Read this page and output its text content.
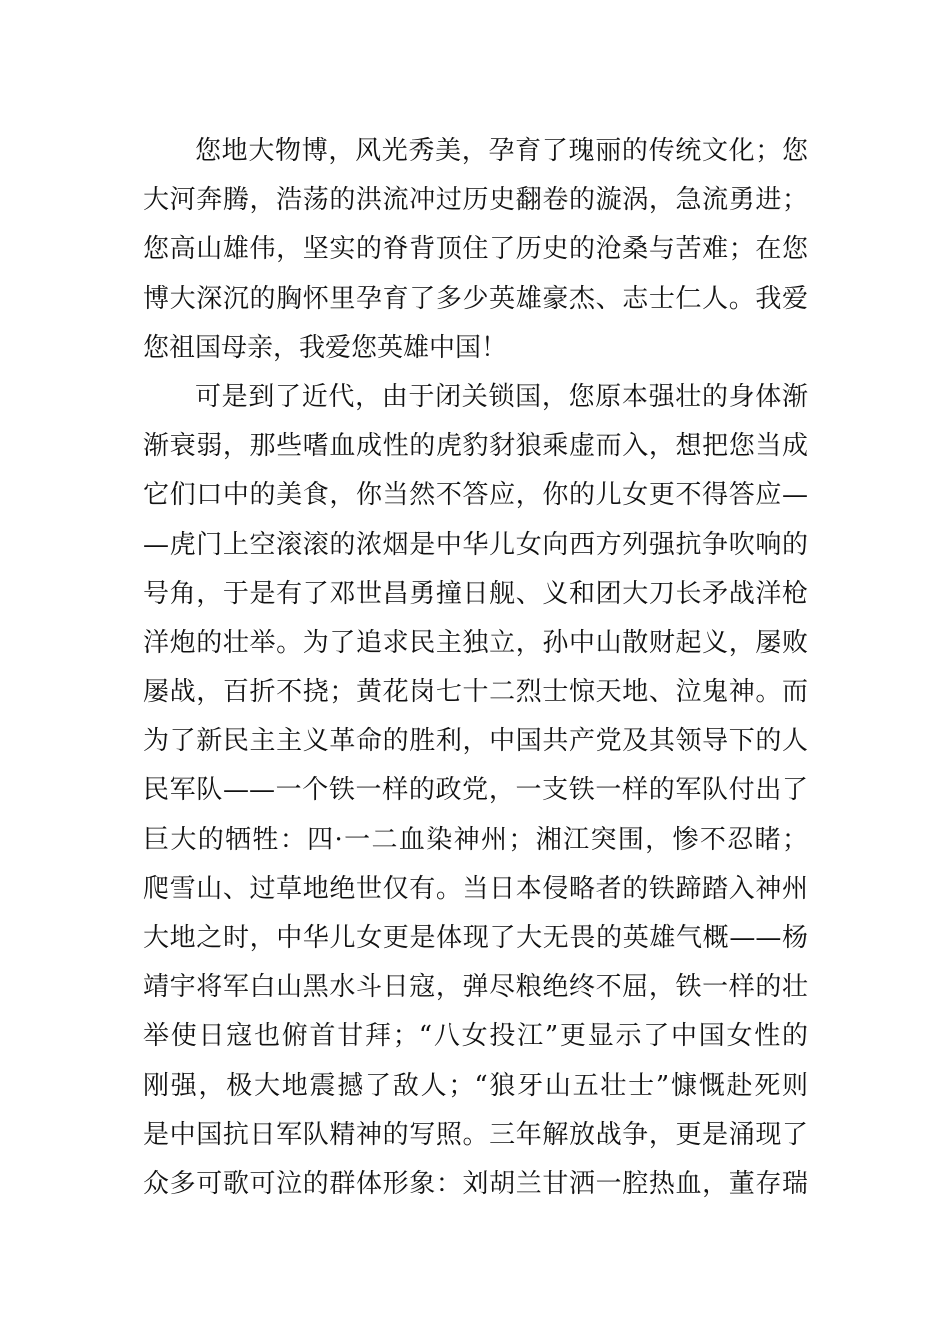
您地大物博，风光秀美，孕育了瑰丽的传统文化；您
大河奔腾，浩荡的洪流冲过历史翻卷的漩涡，急流勇进；
您高山雄伟，坚实的脊背顶住了历史的沧桑与苦难；在您
博大深沉的胸怀里孕育了多少英雄豪杰、志士仁人。我爱
您祖国母亲，我爱您英雄中国！
可是到了近代，由于闭关锁国，您原本强壮的身体渐
渐衰弱，那些嗜血成性的虎豹豺狼乘虚而入，想把您当成
它们口中的美食，你当然不答应，你的儿女更不得答应—
—虎门上空滚滚的浓烟是中华儿女向西方列强抗争吹响的
号角，于是有了邓世昌勇撞日舰、义和团大刀长矛战洋枪
洋炮的壮举。为了追求民主独立，孙中山散财起义，屡败
屡战，百折不挠；黄花岗七十二烈士惊天地、泣鬼神。而
为了新民主主义革命的胜利，中国共产党及其领导下的人
民军队——一个铁一样的政党，一支铁一样的军队付出了
巨大的牺牲：四·一二血染神州；湘江突围，惨不忍睹；
爬雪山、过草地绝世仅有。当日本侵略者的铁蹄踏入神州
大地之时，中华儿女更是体现了大无畏的英雄气概——杨
靖宇将军白山黑水斗日寇，弹尽粮绝终不屈，铁一样的壮
举使日寇也俯首甘拜；“八女投江”更显示了中国女性的
刚强，极大地震撼了敌人；“狼牙山五壮士”慷慨赴死则
是中国抗日军队精神的写照。三年解放战争，更是涌现了
众多可歌可泣的群体形象：刘胡兰甘洒一腔热血，董存瑞
